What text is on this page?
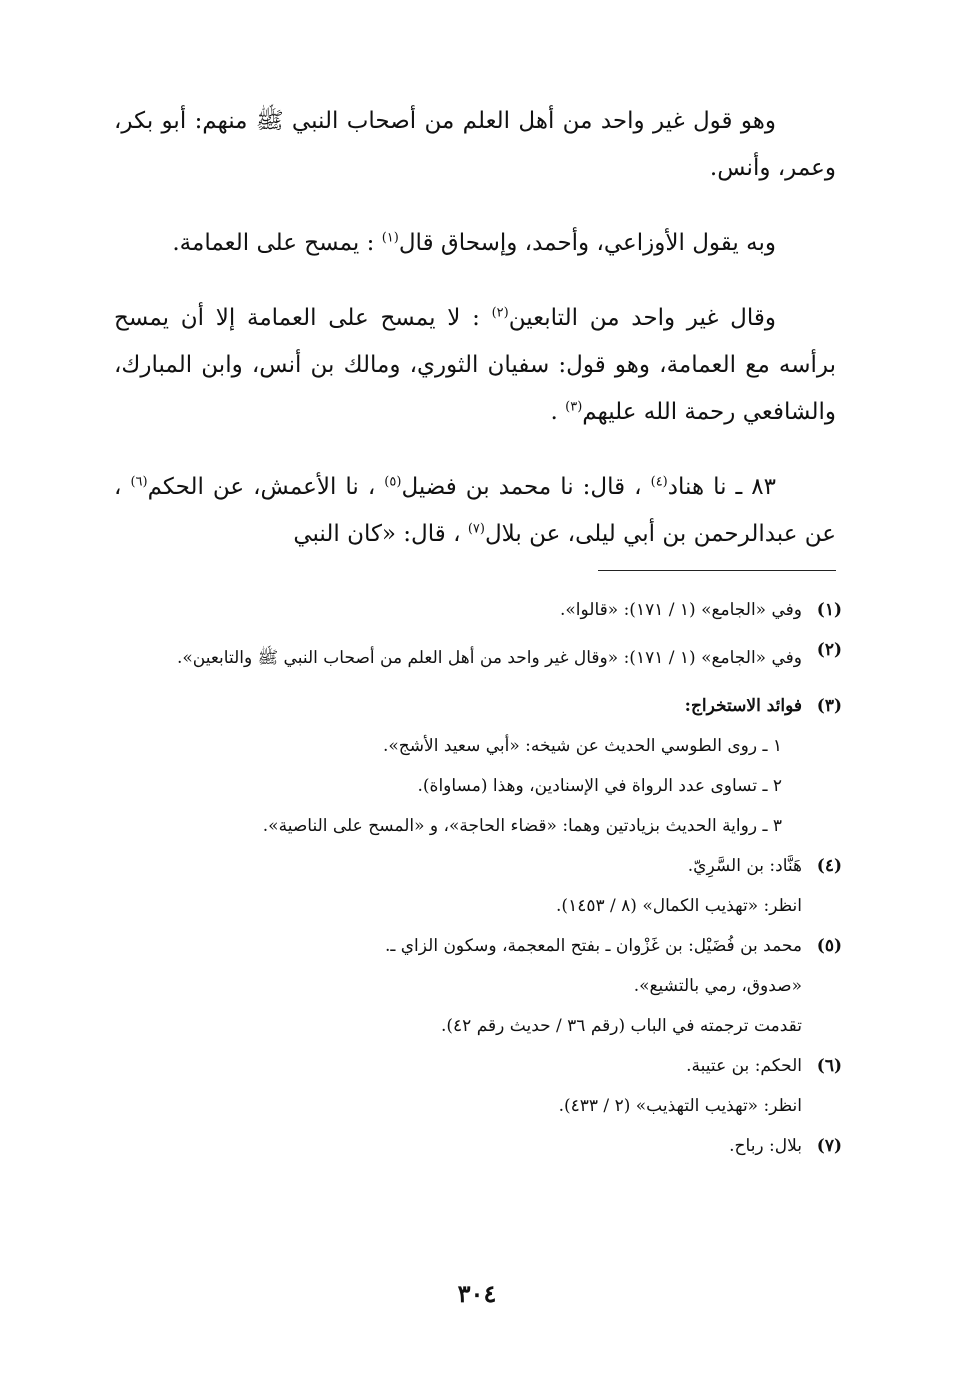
وهو قول غير واحد من أهل العلم من أصحاب النبي ﷺ منهم: أبو بكر، وعمر، وأنس.

وبه يقول الأوزاعي، وأحمد، وإسحاق قال$^{(١)}$ : يمسح على العمامة.

وقال غير واحد من التابعين$^{(٢)}$ : لا يمسح على العمامة إلا أن يمسح برأسه مع العمامة، وهو قول: سفيان الثوري، ومالك بن أنس، وابن المبارك، والشافعي رحمة الله عليهم$^{(٣)}$ .

٨٣ ـ نا هناد$^{(٤)}$ ، قال: نا محمد بن فضيل$^{(٥)}$ ، نا الأعمش، عن الحكم$^{(٦)}$ ، عن عبدالرحمن بن أبي ليلى، عن بلال$^{(٧)}$ ، قال: «كان النبي

(١)
وفي «الجامع» (١ / ١٧١): «قالوا».
(٢)
وفي «الجامع» (١ / ١٧١): «وقال غير واحد من أهل العلم من أصحاب النبي ﷺ والتابعين».
(٣)
فوائد الاستخراج:
١ ـ روى الطوسي الحديث عن شيخه: «أبي سعيد الأشج».
٢ ـ تساوى عدد الرواة في الإسنادين، وهذا (مساواة).
٣ ـ رواية الحديث بزيادتين وهما: «قضاء الحاجة»، و «المسح على الناصية».
(٤)
هَنَّاد: بن السَّرِيّ.
انظر: «تهذيب الكمال» (٨ / ١٤٥٣).
(٥)
محمد بن فُضَيْل: بن غَزْوان ـ بفتح المعجمة، وسكون الزاي ـ.
«صدوق، رمي بالتشيع».
تقدمت ترجمته في الباب (رقم ٣٦ / حديث رقم ٤٢).
(٦)
الحكم: بن عتيبة.
انظر: «تهذيب التهذيب» (٢ / ٤٣٣).
(٧)
بلال: رباح.
٣٠٤
